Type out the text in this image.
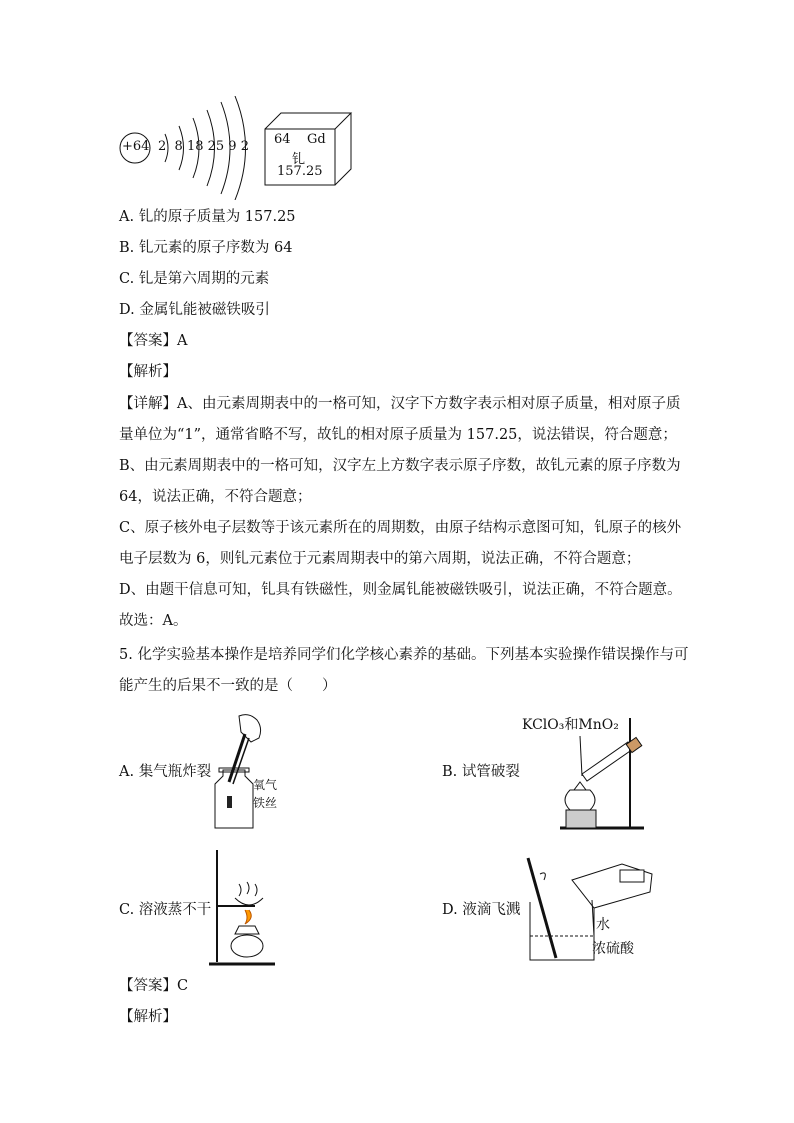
+64 2  8 18 25 9 2 64 Gd
钆
157.25
A. 钆的原子质量为 157.25
B. 钆元素的原子序数为 64
C. 钆是第六周期的元素
D. 金属钆能被磁铁吸引
【答案】A
【解析】
【详解】A、由元素周期表中的一格可知，汉字下方数字表示相对原子质量，相对原子质
量单位为“1”，通常省略不写，故钆的相对原子质量为 157.25，说法错误，符合题意；
B、由元素周期表中的一格可知，汉字左上方数字表示原子序数，故钆元素的原子序数为
64，说法正确，不符合题意；
C、原子核外电子层数等于该元素所在的周期数，由原子结构示意图可知，钆原子的核外
电子层数为 6，则钆元素位于元素周期表中的第六周期，说法正确，不符合题意；
D、由题干信息可知，钆具有铁磁性，则金属钆能被磁铁吸引，说法正确，不符合题意。
故选：A。
5. 化学实验基本操作是培养同学们化学核心素养的基础。下列基本实验操作错误操作与可
能产生的后果不一致的是（　　）
A. 集气瓶炸裂
氧气
铁丝
B. 试管破裂
KClO₃和MnO₂
C. 溶液蒸不干	D. 液滴飞溅
水
浓硫酸
【答案】C
【解析】
